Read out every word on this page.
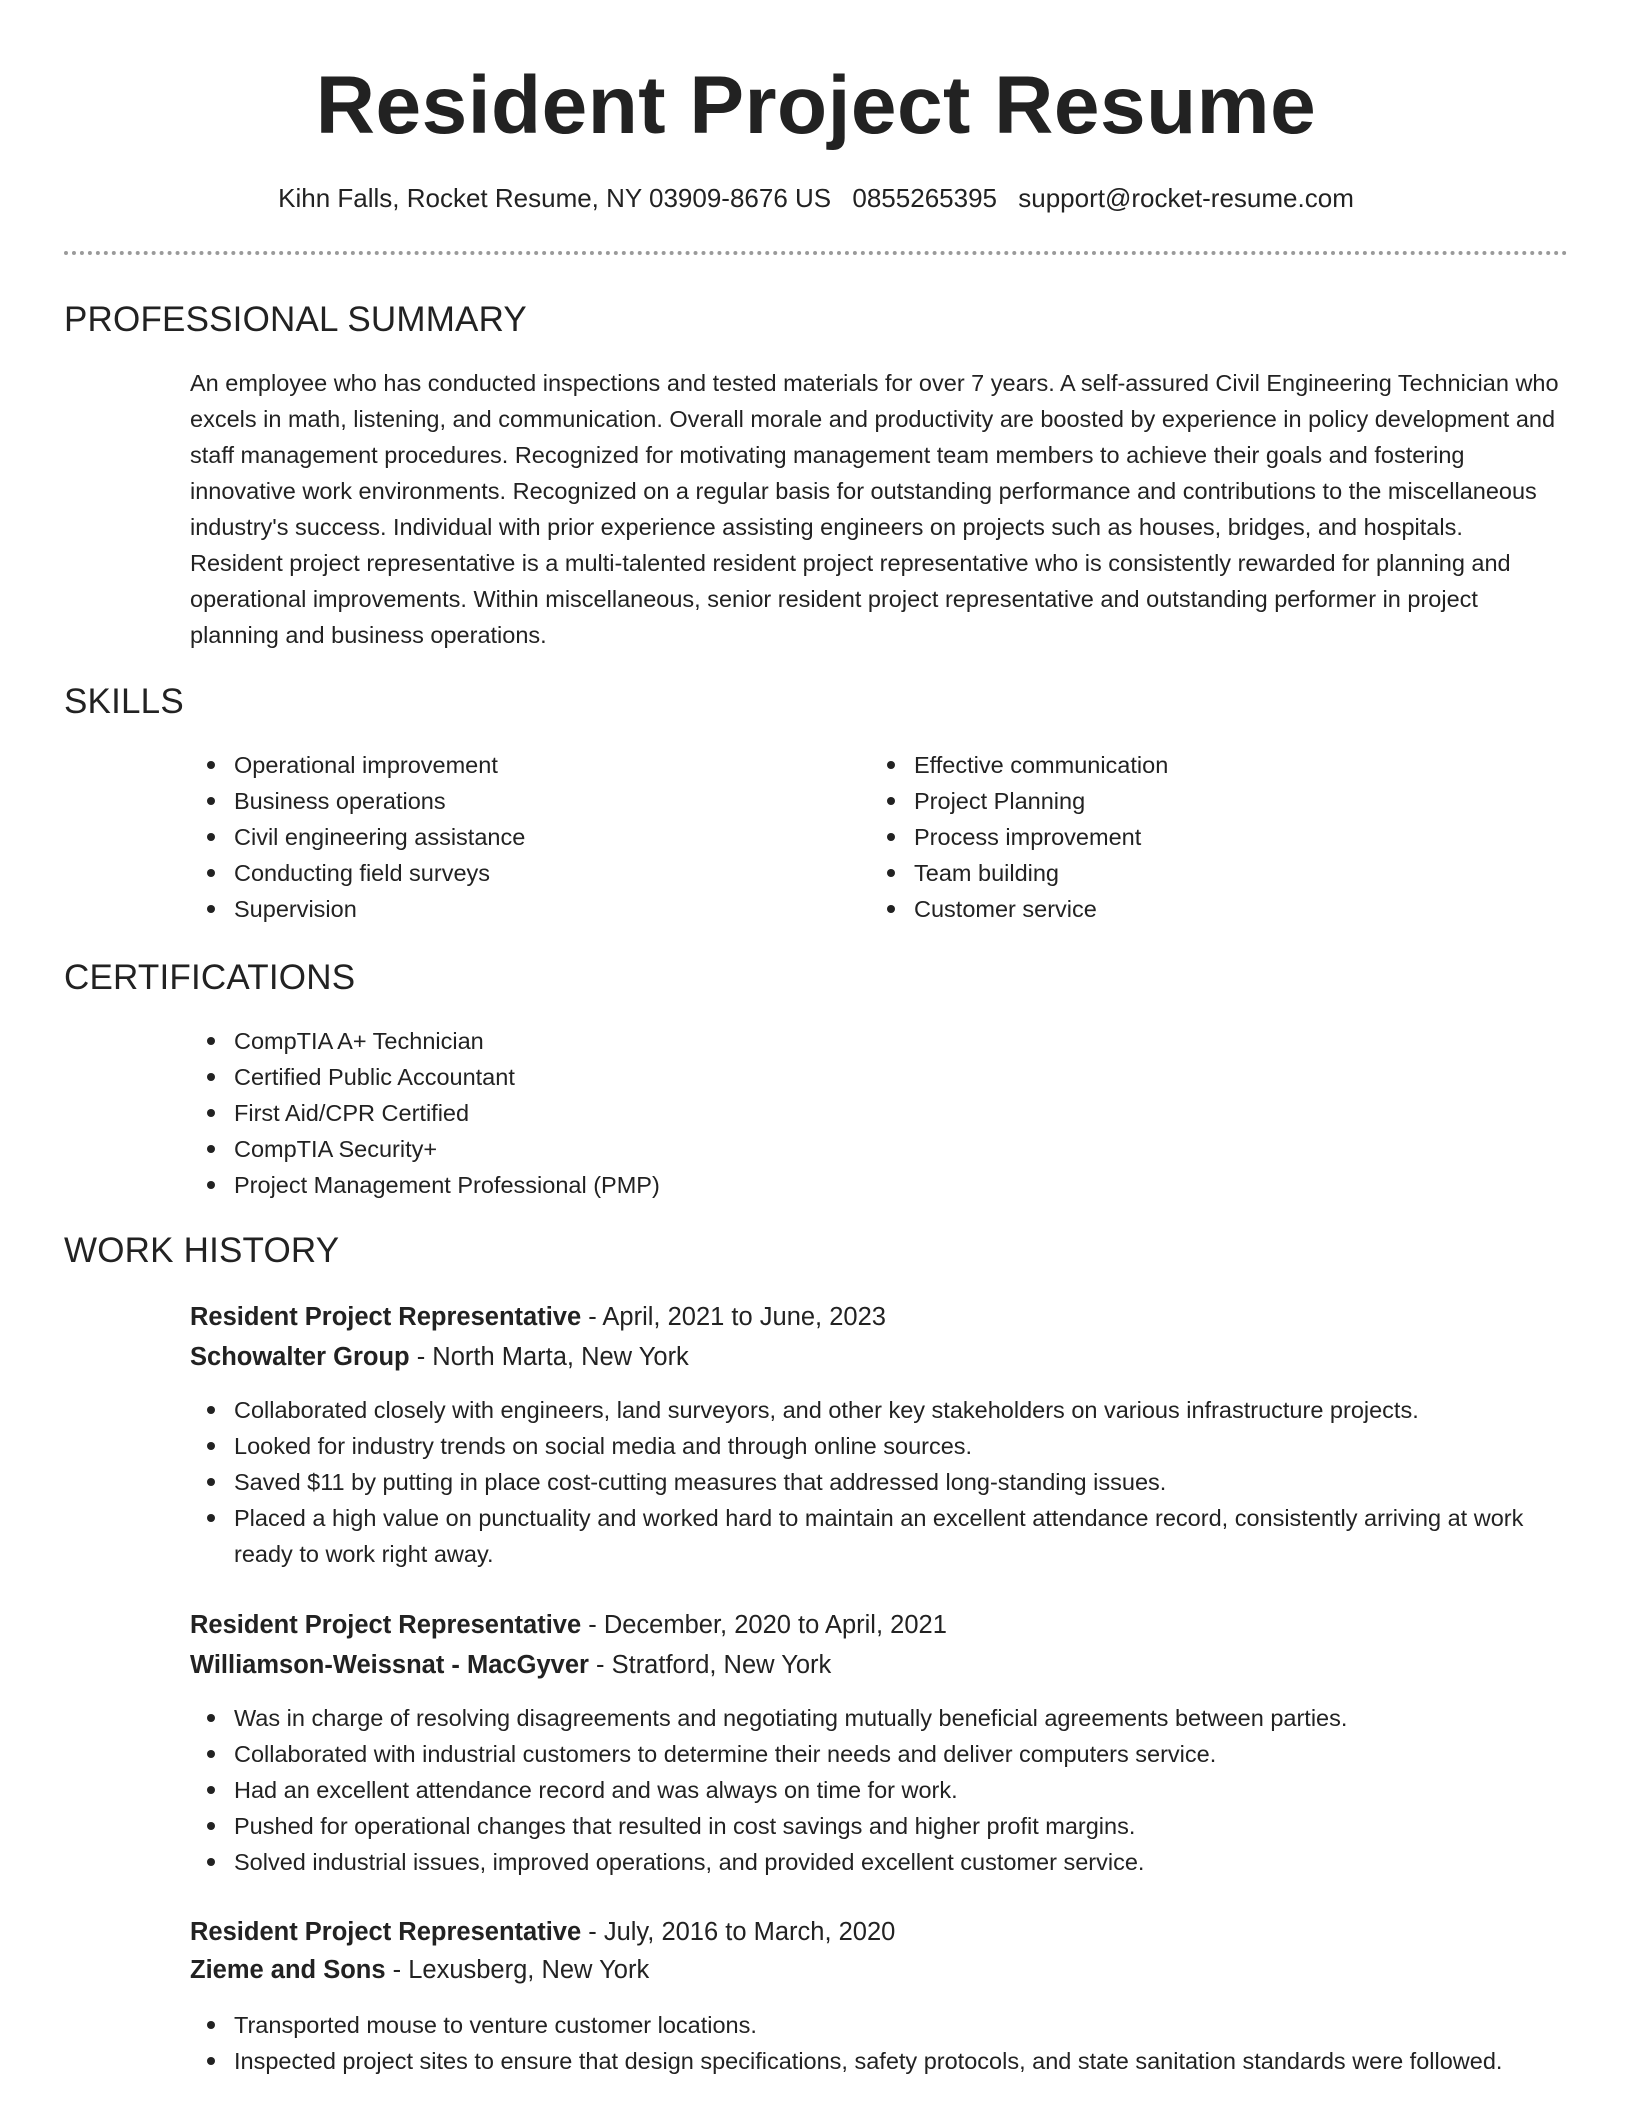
Resident Project Resume
Kihn Falls, Rocket Resume, NY 03909-8676 US 0855265395 support@rocket-resume.com
PROFESSIONAL SUMMARY

An employee who has conducted inspections and tested materials for over 7 years. A self-assured Civil Engineering Technician who excels in math, listening, and communication. Overall morale and productivity are boosted by experience in policy development and staff management procedures. Recognized for motivating management team members to achieve their goals and fostering innovative work environments. Recognized on a regular basis for outstanding performance and contributions to the miscellaneous industry's success. Individual with prior experience assisting engineers on projects such as houses, bridges, and hospitals. Resident project representative is a multi-talented resident project representative who is consistently rewarded for planning and operational improvements. Within miscellaneous, senior resident project representative and outstanding performer in project planning and business operations.

SKILLS
Operational improvement
Business operations
Civil engineering assistance
Conducting field surveys
Supervision
Effective communication
Project Planning
Process improvement
Team building
Customer service
CERTIFICATIONS
CompTIA A+ Technician
Certified Public Accountant
First Aid/CPR Certified
CompTIA Security+
Project Management Professional (PMP)
WORK HISTORY
Resident Project Representative - April, 2021 to June, 2023
Schowalter Group - North Marta, New York
Collaborated closely with engineers, land surveyors, and other key stakeholders on various infrastructure projects.
Looked for industry trends on social media and through online sources.
Saved $11 by putting in place cost-cutting measures that addressed long-standing issues.
Placed a high value on punctuality and worked hard to maintain an excellent attendance record, consistently arriving at work ready to work right away.
Resident Project Representative - December, 2020 to April, 2021
Williamson-Weissnat - MacGyver - Stratford, New York
Was in charge of resolving disagreements and negotiating mutually beneficial agreements between parties.
Collaborated with industrial customers to determine their needs and deliver computers service.
Had an excellent attendance record and was always on time for work.
Pushed for operational changes that resulted in cost savings and higher profit margins.
Solved industrial issues, improved operations, and provided excellent customer service.
Resident Project Representative - July, 2016 to March, 2020
Zieme and Sons - Lexusberg, New York
Transported mouse to venture customer locations.
Inspected project sites to ensure that design specifications, safety protocols, and state sanitation standards were followed.
